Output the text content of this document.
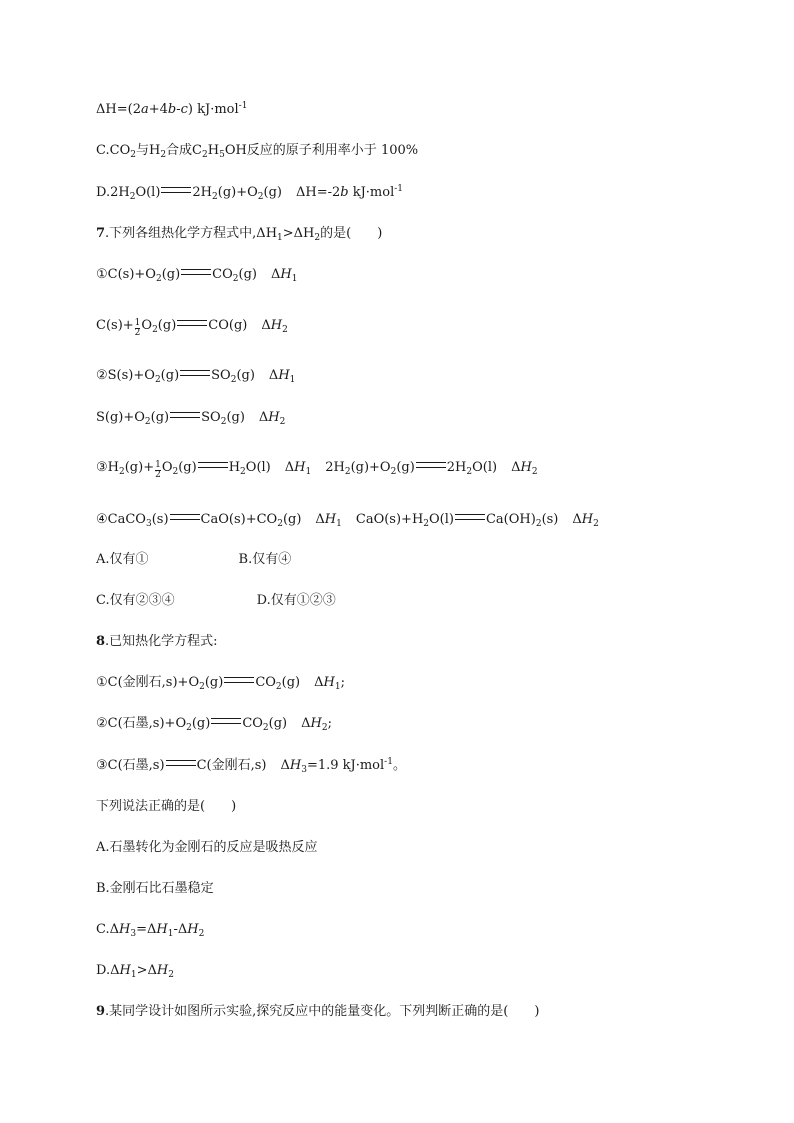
ΔH=(2a+4b-c) kJ·mol$^{-1}$
$C.CO_2$与$H_2$合成$C_2H_5OH$反应的原子利用率小于 100%
$D.2H_2O(l)$ $2H_2(g)+O_2(g)$ ΔH=-2b kJ·mol$^{-1}$
7.下列各组热化学方程式中$,\Delta H_1>\Delta H_2$的是(　　)
$①C(s)+O_2(g)$ $CO_2(g)$ $\Delta H_1$
$C(s)+ \frac{1}{2} O_2(g)$ CO(g) $\Delta H_2$
$②S(s)+O_2(g)$ $SO_2(g)$ $\Delta H_1$
$S(g)+O_2(g)$ $SO_2(g)$ $\Delta H_2$
$③H_2(g)+ \frac{1}{2} O_2(g)$ $H_2O(l)$ $\Delta H_1$ $2H_2(g)+O_2(g)$ $2H_2O(l)$ $\Delta H_2$
④CaCO$_3$(s) $CaO(s)+CO_2(g)$ $\Delta H_1$ $CaO(s)+H_2O(l)$ $Ca(OH)_2(s)$ $\Delta H_2$
A.仅有①	B.仅有④
C.仅有②③④	D.仅有①②③
8.已知热化学方程式:
①C(金刚石$,s)+O_2(g)$ $CO_2(g)$ $\Delta H_1$;
②C(石墨$,s)+O_2(g)$ $CO_2(g)$ $\Delta H_2$;
③C(石墨,s) C(金刚石,s) $\Delta H_3=1.9$ kJ·mol$^{-1}$。
下列说法正确的是(　　)
A.石墨转化为金刚石的反应是吸热反应
B.金刚石比石墨稳定
$C.\Delta H_3=\Delta H_1-\Delta H_2$
$D.\Delta H_1>\Delta H_2$
9.某同学设计如图所示实验,探究反应中的能量变化。下列判断正确的是(　　)
